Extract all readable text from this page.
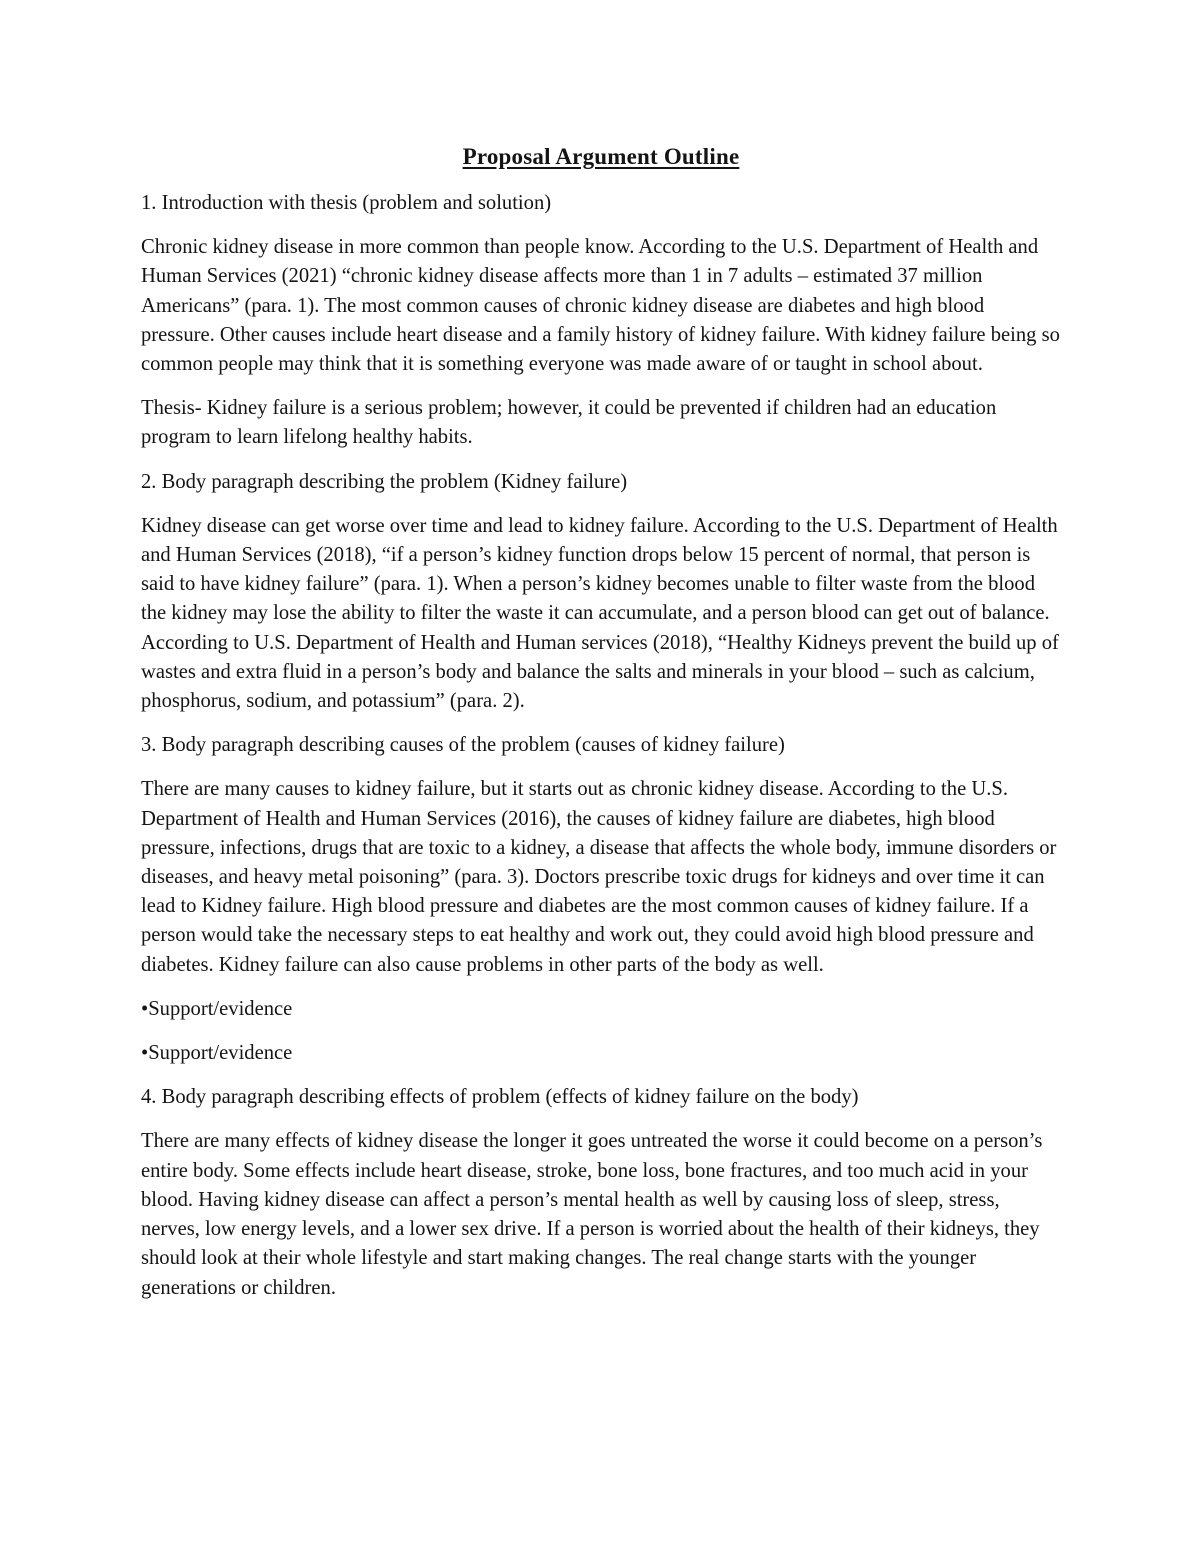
Proposal Argument Outline

1. Introduction with thesis (problem and solution)

Chronic kidney disease in more common than people know. According to the U.S. Department of Health and Human Services (2021) “chronic kidney disease affects more than 1 in 7 adults – estimated 37 million Americans” (para. 1). The most common causes of chronic kidney disease are diabetes and high blood pressure. Other causes include heart disease and a family history of kidney failure. With kidney failure being so common people may think that it is something everyone was made aware of or taught in school about.

Thesis- Kidney failure is a serious problem; however, it could be prevented if children had an education program to learn lifelong healthy habits.

2. Body paragraph describing the problem (Kidney failure)

Kidney disease can get worse over time and lead to kidney failure. According to the U.S. Department of Health and Human Services (2018), “if a person’s kidney function drops below 15 percent of normal, that person is said to have kidney failure” (para. 1). When a person’s kidney becomes unable to filter waste from the blood the kidney may lose the ability to filter the waste it can accumulate, and a person blood can get out of balance. According to U.S. Department of Health and Human services (2018), “Healthy Kidneys prevent the build up of wastes and extra fluid in a person’s body and balance the salts and minerals in your blood – such as calcium, phosphorus, sodium, and potassium” (para. 2).

3. Body paragraph describing causes of the problem (causes of kidney failure)

There are many causes to kidney failure, but it starts out as chronic kidney disease. According to the U.S. Department of Health and Human Services (2016), the causes of kidney failure are diabetes, high blood pressure, infections, drugs that are toxic to a kidney, a disease that affects the whole body, immune disorders or diseases, and heavy metal poisoning” (para. 3). Doctors prescribe toxic drugs for kidneys and over time it can lead to Kidney failure. High blood pressure and diabetes are the most common causes of kidney failure. If a person would take the necessary steps to eat healthy and work out, they could avoid high blood pressure and diabetes. Kidney failure can also cause problems in other parts of the body as well.

•Support/evidence

•Support/evidence

4. Body paragraph describing effects of problem (effects of kidney failure on the body)

There are many effects of kidney disease the longer it goes untreated the worse it could become on a person’s entire body. Some effects include heart disease, stroke, bone loss, bone fractures, and too much acid in your blood. Having kidney disease can affect a person’s mental health as well by causing loss of sleep, stress, nerves, low energy levels, and a lower sex drive. If a person is worried about the health of their kidneys, they should look at their whole lifestyle and start making changes. The real change starts with the younger generations or children.
